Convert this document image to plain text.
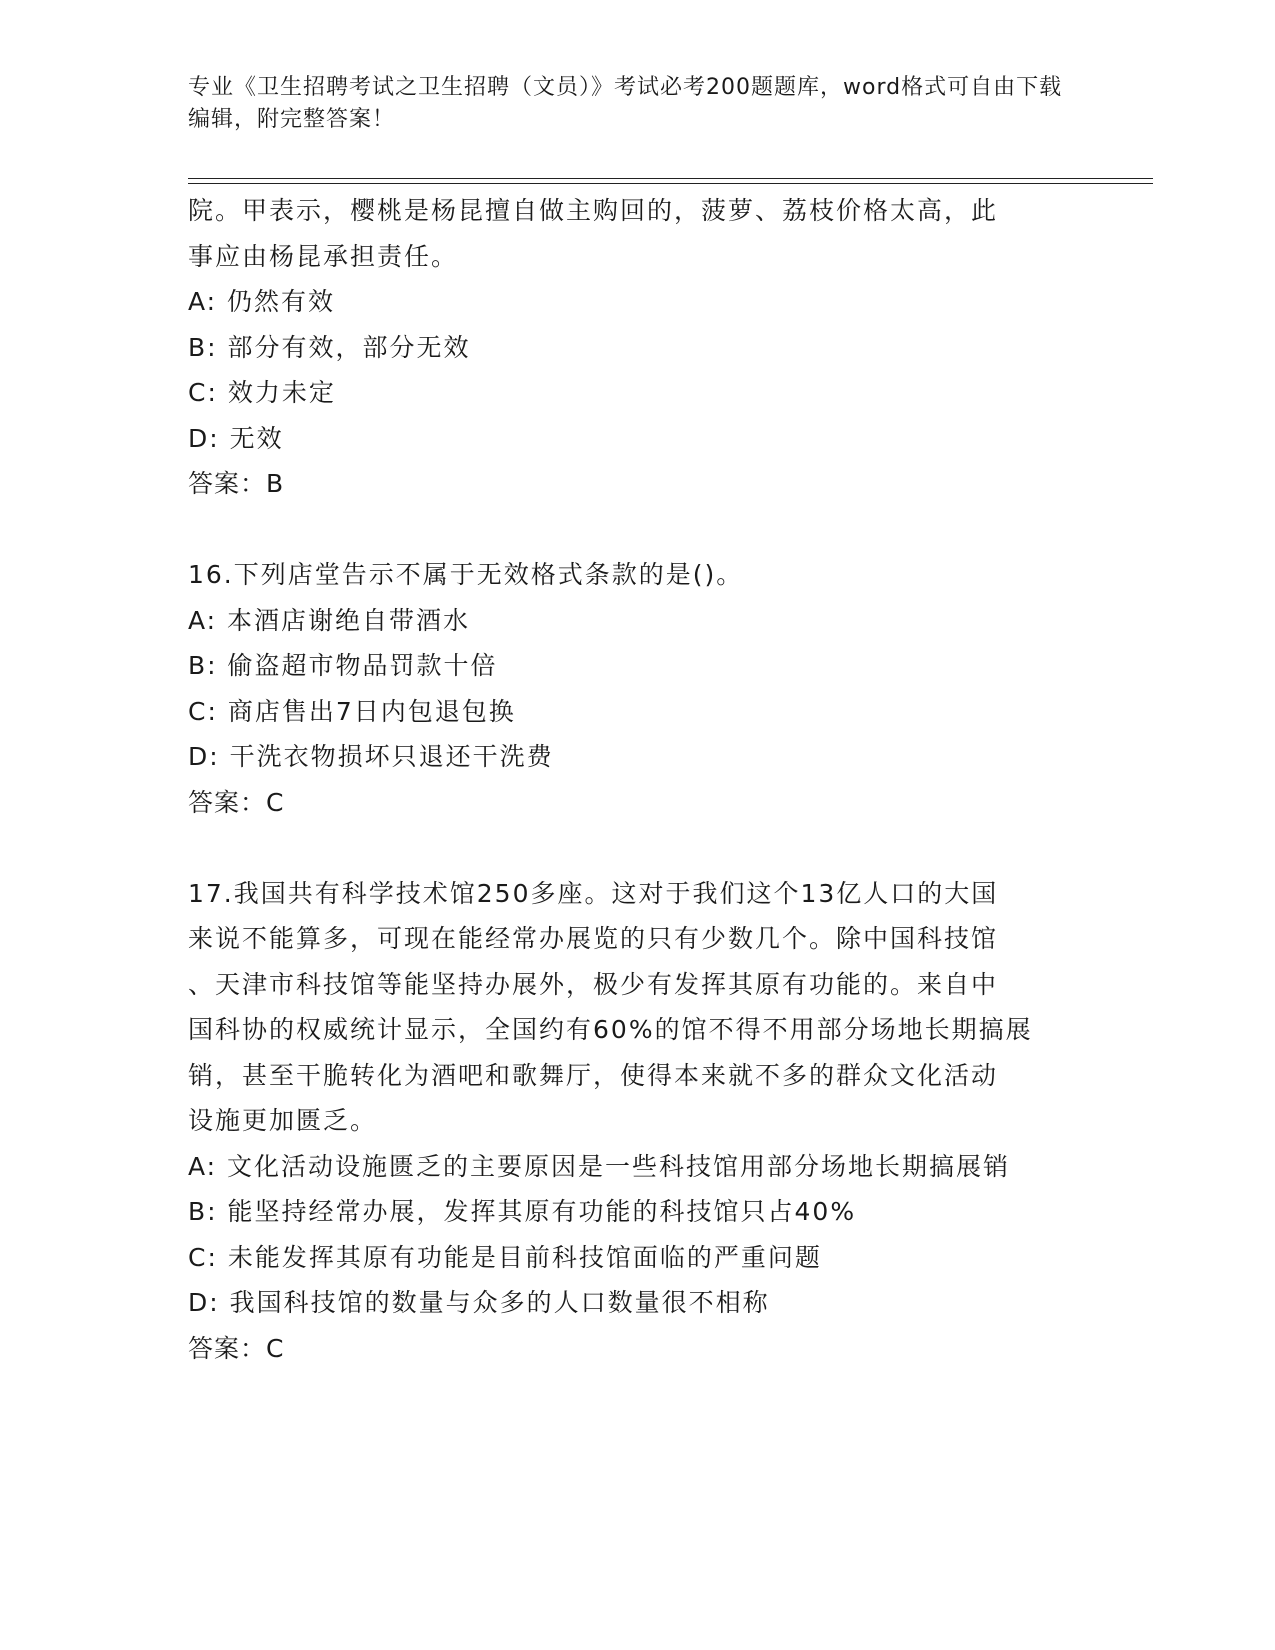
专业《卫生招聘考试之卫生招聘（文员）》考试必考200题题库，word格式可自由下载编辑，附完整答案！
院。甲表示，樱桃是杨昆擅自做主购回的，菠萝、荔枝价格太高，此
事应由杨昆承担责任。
A: 仍然有效
B: 部分有效，部分无效
C: 效力未定
D: 无效
答案：B
16.下列店堂告示不属于无效格式条款的是()。
A: 本酒店谢绝自带酒水
B: 偷盗超市物品罚款十倍
C: 商店售出7日内包退包换
D: 干洗衣物损坏只退还干洗费
答案：C
17.我国共有科学技术馆250多座。这对于我们这个13亿人口的大国
来说不能算多，可现在能经常办展览的只有少数几个。除中国科技馆
、天津市科技馆等能坚持办展外，极少有发挥其原有功能的。来自中
国科协的权威统计显示，全国约有60%的馆不得不用部分场地长期搞展
销，甚至干脆转化为酒吧和歌舞厅，使得本来就不多的群众文化活动
设施更加匮乏。
A: 文化活动设施匮乏的主要原因是一些科技馆用部分场地长期搞展销
B: 能坚持经常办展，发挥其原有功能的科技馆只占40%
C: 未能发挥其原有功能是目前科技馆面临的严重问题
D: 我国科技馆的数量与众多的人口数量很不相称
答案：C
